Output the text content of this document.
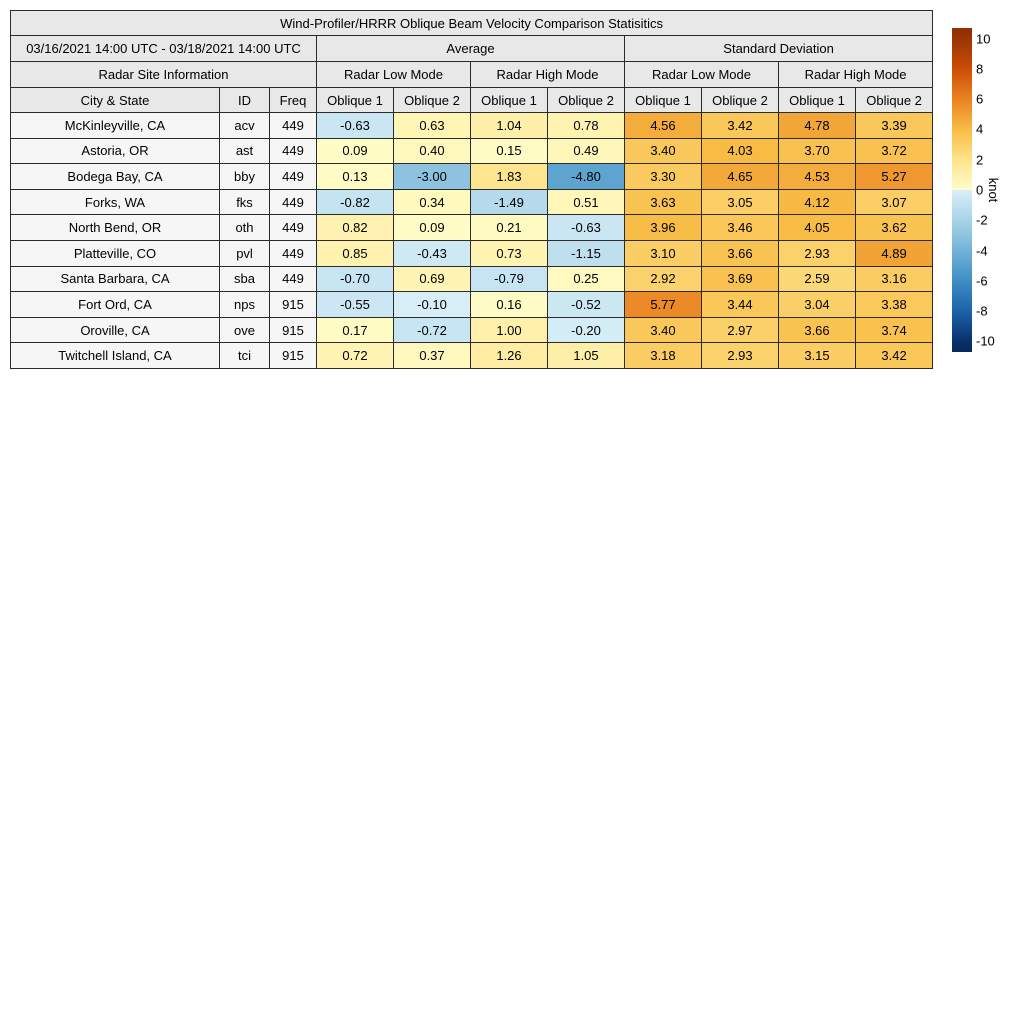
Wind-Profiler/HRRR Oblique Beam Velocity Comparison Statisitics										
03/16/2021 14:00 UTC - 03/18/2021 14:00 UTC			Average				Standard Deviation			
Radar Site Information			Radar Low Mode		Radar High Mode		Radar Low Mode		Radar High Mode	
City & State	ID	Freq	Oblique 1	Oblique 2	Oblique 1	Oblique 2	Oblique 1	Oblique 2	Oblique 1	Oblique 2
McKinleyville, CA	acv	449	-0.63	0.63	1.04	0.78	4.56	3.42	4.78	3.39
Astoria, OR	ast	449	0.09	0.40	0.15	0.49	3.40	4.03	3.70	3.72
Bodega Bay, CA	bby	449	0.13	-3.00	1.83	-4.80	3.30	4.65	4.53	5.27
Forks, WA	fks	449	-0.82	0.34	-1.49	0.51	3.63	3.05	4.12	3.07
North Bend, OR	oth	449	0.82	0.09	0.21	-0.63	3.96	3.46	4.05	3.62
Platteville, CO	pvl	449	0.85	-0.43	0.73	-1.15	3.10	3.66	2.93	4.89
Santa Barbara, CA	sba	449	-0.70	0.69	-0.79	0.25	2.92	3.69	2.59	3.16
Fort Ord, CA	nps	915	-0.55	-0.10	0.16	-0.52	5.77	3.44	3.04	3.38
Oroville, CA	ove	915	0.17	-0.72	1.00	-0.20	3.40	2.97	3.66	3.74
Twitchell Island, CA	tci	915	0.72	0.37	1.26	1.05	3.18	2.93	3.15	3.42
10
8
6
4
2
0
-2
-4
-6
-8
-10
knot
